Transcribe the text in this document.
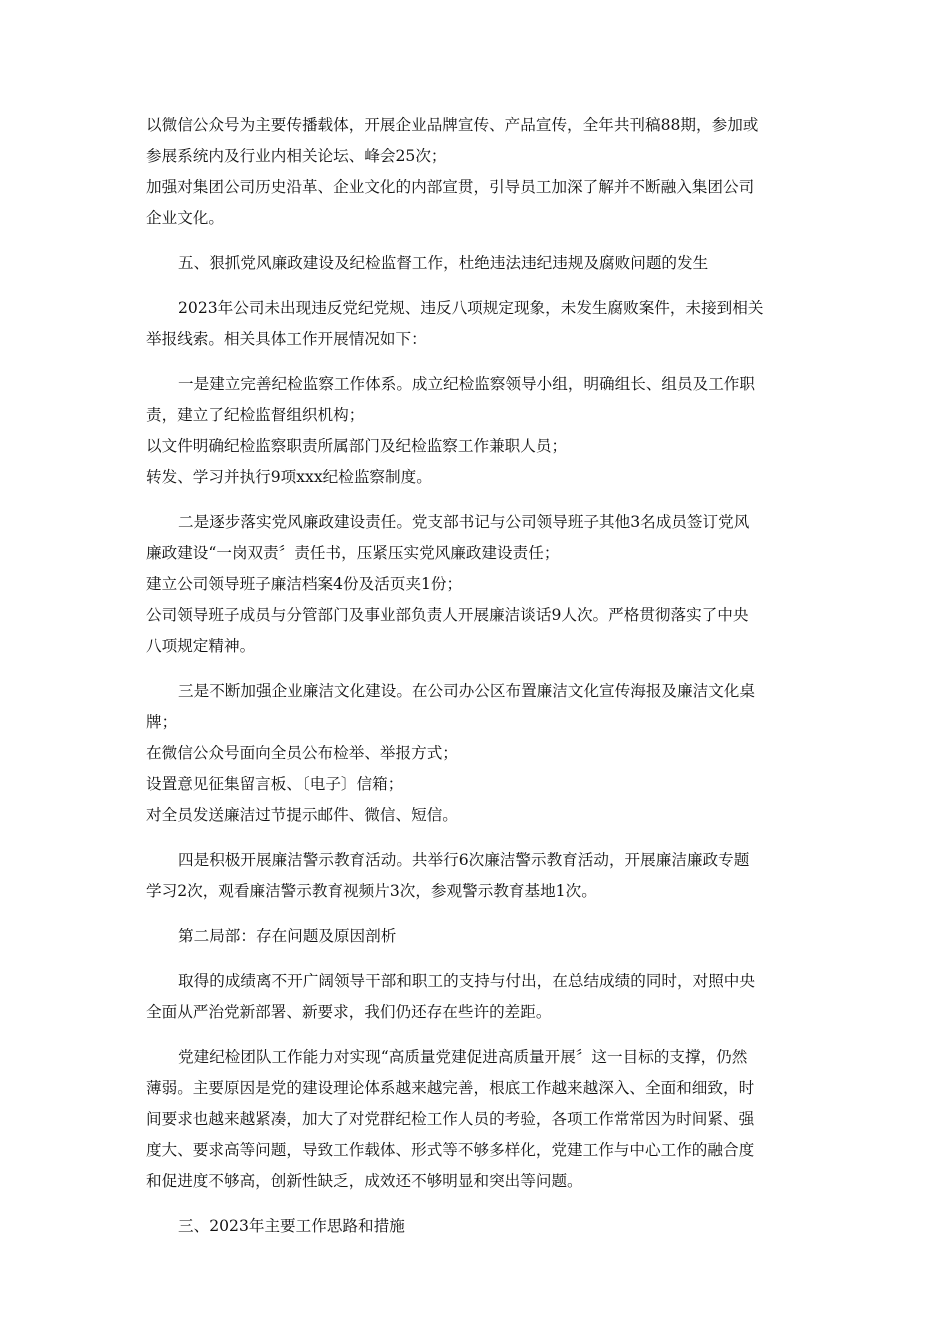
以微信公众号为主要传播载体，开展企业品牌宣传、产品宣传，全年共刊稿88期，参加或
参展系统内及行业内相关论坛、峰会25次；
加强对集团公司历史沿革、企业文化的内部宣贯，引导员工加深了解并不断融入集团公司
企业文化。
五、狠抓党风廉政建设及纪检监督工作，杜绝违法违纪违规及腐败问题的发生
2023年公司未出现违反党纪党规、违反八项规定现象，未发生腐败案件，未接到相关
举报线索。相关具体工作开展情况如下：
一是建立完善纪检监察工作体系。成立纪检监察领导小组，明确组长、组员及工作职
责，建立了纪检监督组织机构；
以文件明确纪检监察职责所属部门及纪检监察工作兼职人员；
转发、学习并执行9项xxx纪检监察制度。
二是逐步落实党风廉政建设责任。党支部书记与公司领导班子其他3名成员签订党风
廉政建设“一岗双责〞责任书，压紧压实党风廉政建设责任；
建立公司领导班子廉洁档案4份及活页夹1份；
公司领导班子成员与分管部门及事业部负责人开展廉洁谈话9人次。严格贯彻落实了中央
八项规定精神。
三是不断加强企业廉洁文化建设。在公司办公区布置廉洁文化宣传海报及廉洁文化桌
牌；
在微信公众号面向全员公布检举、举报方式；
设置意见征集留言板、〔电子〕信箱；
对全员发送廉洁过节提示邮件、微信、短信。
四是积极开展廉洁警示教育活动。共举行6次廉洁警示教育活动，开展廉洁廉政专题
学习2次，观看廉洁警示教育视频片3次，参观警示教育基地1次。
第二局部：存在问题及原因剖析
取得的成绩离不开广阔领导干部和职工的支持与付出，在总结成绩的同时，对照中央
全面从严治党新部署、新要求，我们仍还存在些许的差距。
党建纪检团队工作能力对实现“高质量党建促进高质量开展〞这一目标的支撑，仍然
薄弱。主要原因是党的建设理论体系越来越完善，根底工作越来越深入、全面和细致，时
间要求也越来越紧凑，加大了对党群纪检工作人员的考验，各项工作常常因为时间紧、强
度大、要求高等问题，导致工作载体、形式等不够多样化，党建工作与中心工作的融合度
和促进度不够高，创新性缺乏，成效还不够明显和突出等问题。
三、2023年主要工作思路和措施
